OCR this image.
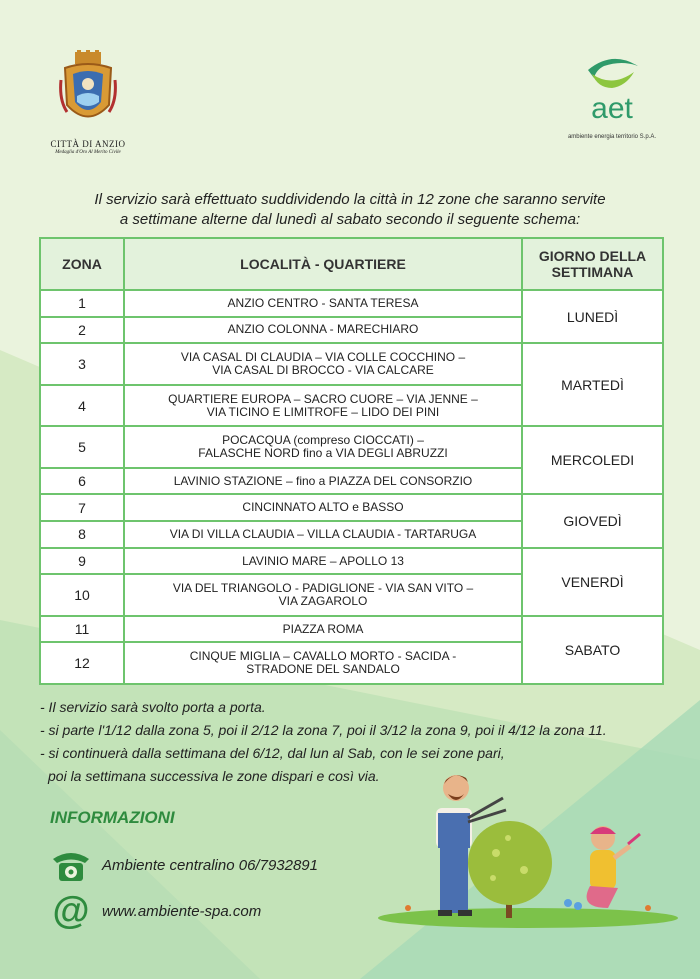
CITTÀ DI ANZIO
Medaglia d'Oro Al Merito Civile
aet
ambiente energia territorio S.p.A.
Il servizio sarà effettuato suddividendo la città in 12 zone che saranno servite
a settimane alterne dal lunedì al sabato secondo il seguente schema:
ZONA	LOCALITÀ - QUARTIERE	GIORNO DELLA
SETTIMANA

1	ANZIO CENTRO - SANTA TERESA	LUNEDÌ
2	ANZIO COLONNA - MARECHIARO	

3	VIA CASAL DI CLAUDIA – VIA COLLE COCCHINO –
VIA CASAL DI BROCCO - VIA CALCARE	MARTEDÌ
4	QUARTIERE EUROPA – SACRO CUORE – VIA JENNE –
VIA TICINO E LIMITROFE – LIDO DEI PINI	

5	POCACQUA (compreso CIOCCATI) –
FALASCHE NORD fino a VIA DEGLI ABRUZZI	MERCOLEDI
6	LAVINIO STAZIONE – fino a PIAZZA DEL CONSORZIO	

7	CINCINNATO ALTO e BASSO	GIOVEDÌ
8	VIA DI VILLA CLAUDIA – VILLA CLAUDIA - TARTARUGA	

9	LAVINIO MARE – APOLLO 13	VENERDÌ
10	VIA DEL TRIANGOLO - PADIGLIONE - VIA SAN VITO –
VIA ZAGAROLO	

11	PIAZZA ROMA	SABATO
12	CINQUE MIGLIA – CAVALLO MORTO - SACIDA -
STRADONE DEL SANDALO	
- Il servizio sarà svolto porta a porta.
- si parte l'1/12 dalla zona 5, poi il 2/12 la zona 7, poi il 3/12 la zona 9, poi il 4/12 la zona 11.
- si continuerà dalla settimana del 6/12, dal lun al Sab, con le sei zone pari,
poi la settimana successiva le zone dispari e così via.
INFORMAZIONI
Ambiente centralino 06/7932891
@ www.ambiente-spa.com
